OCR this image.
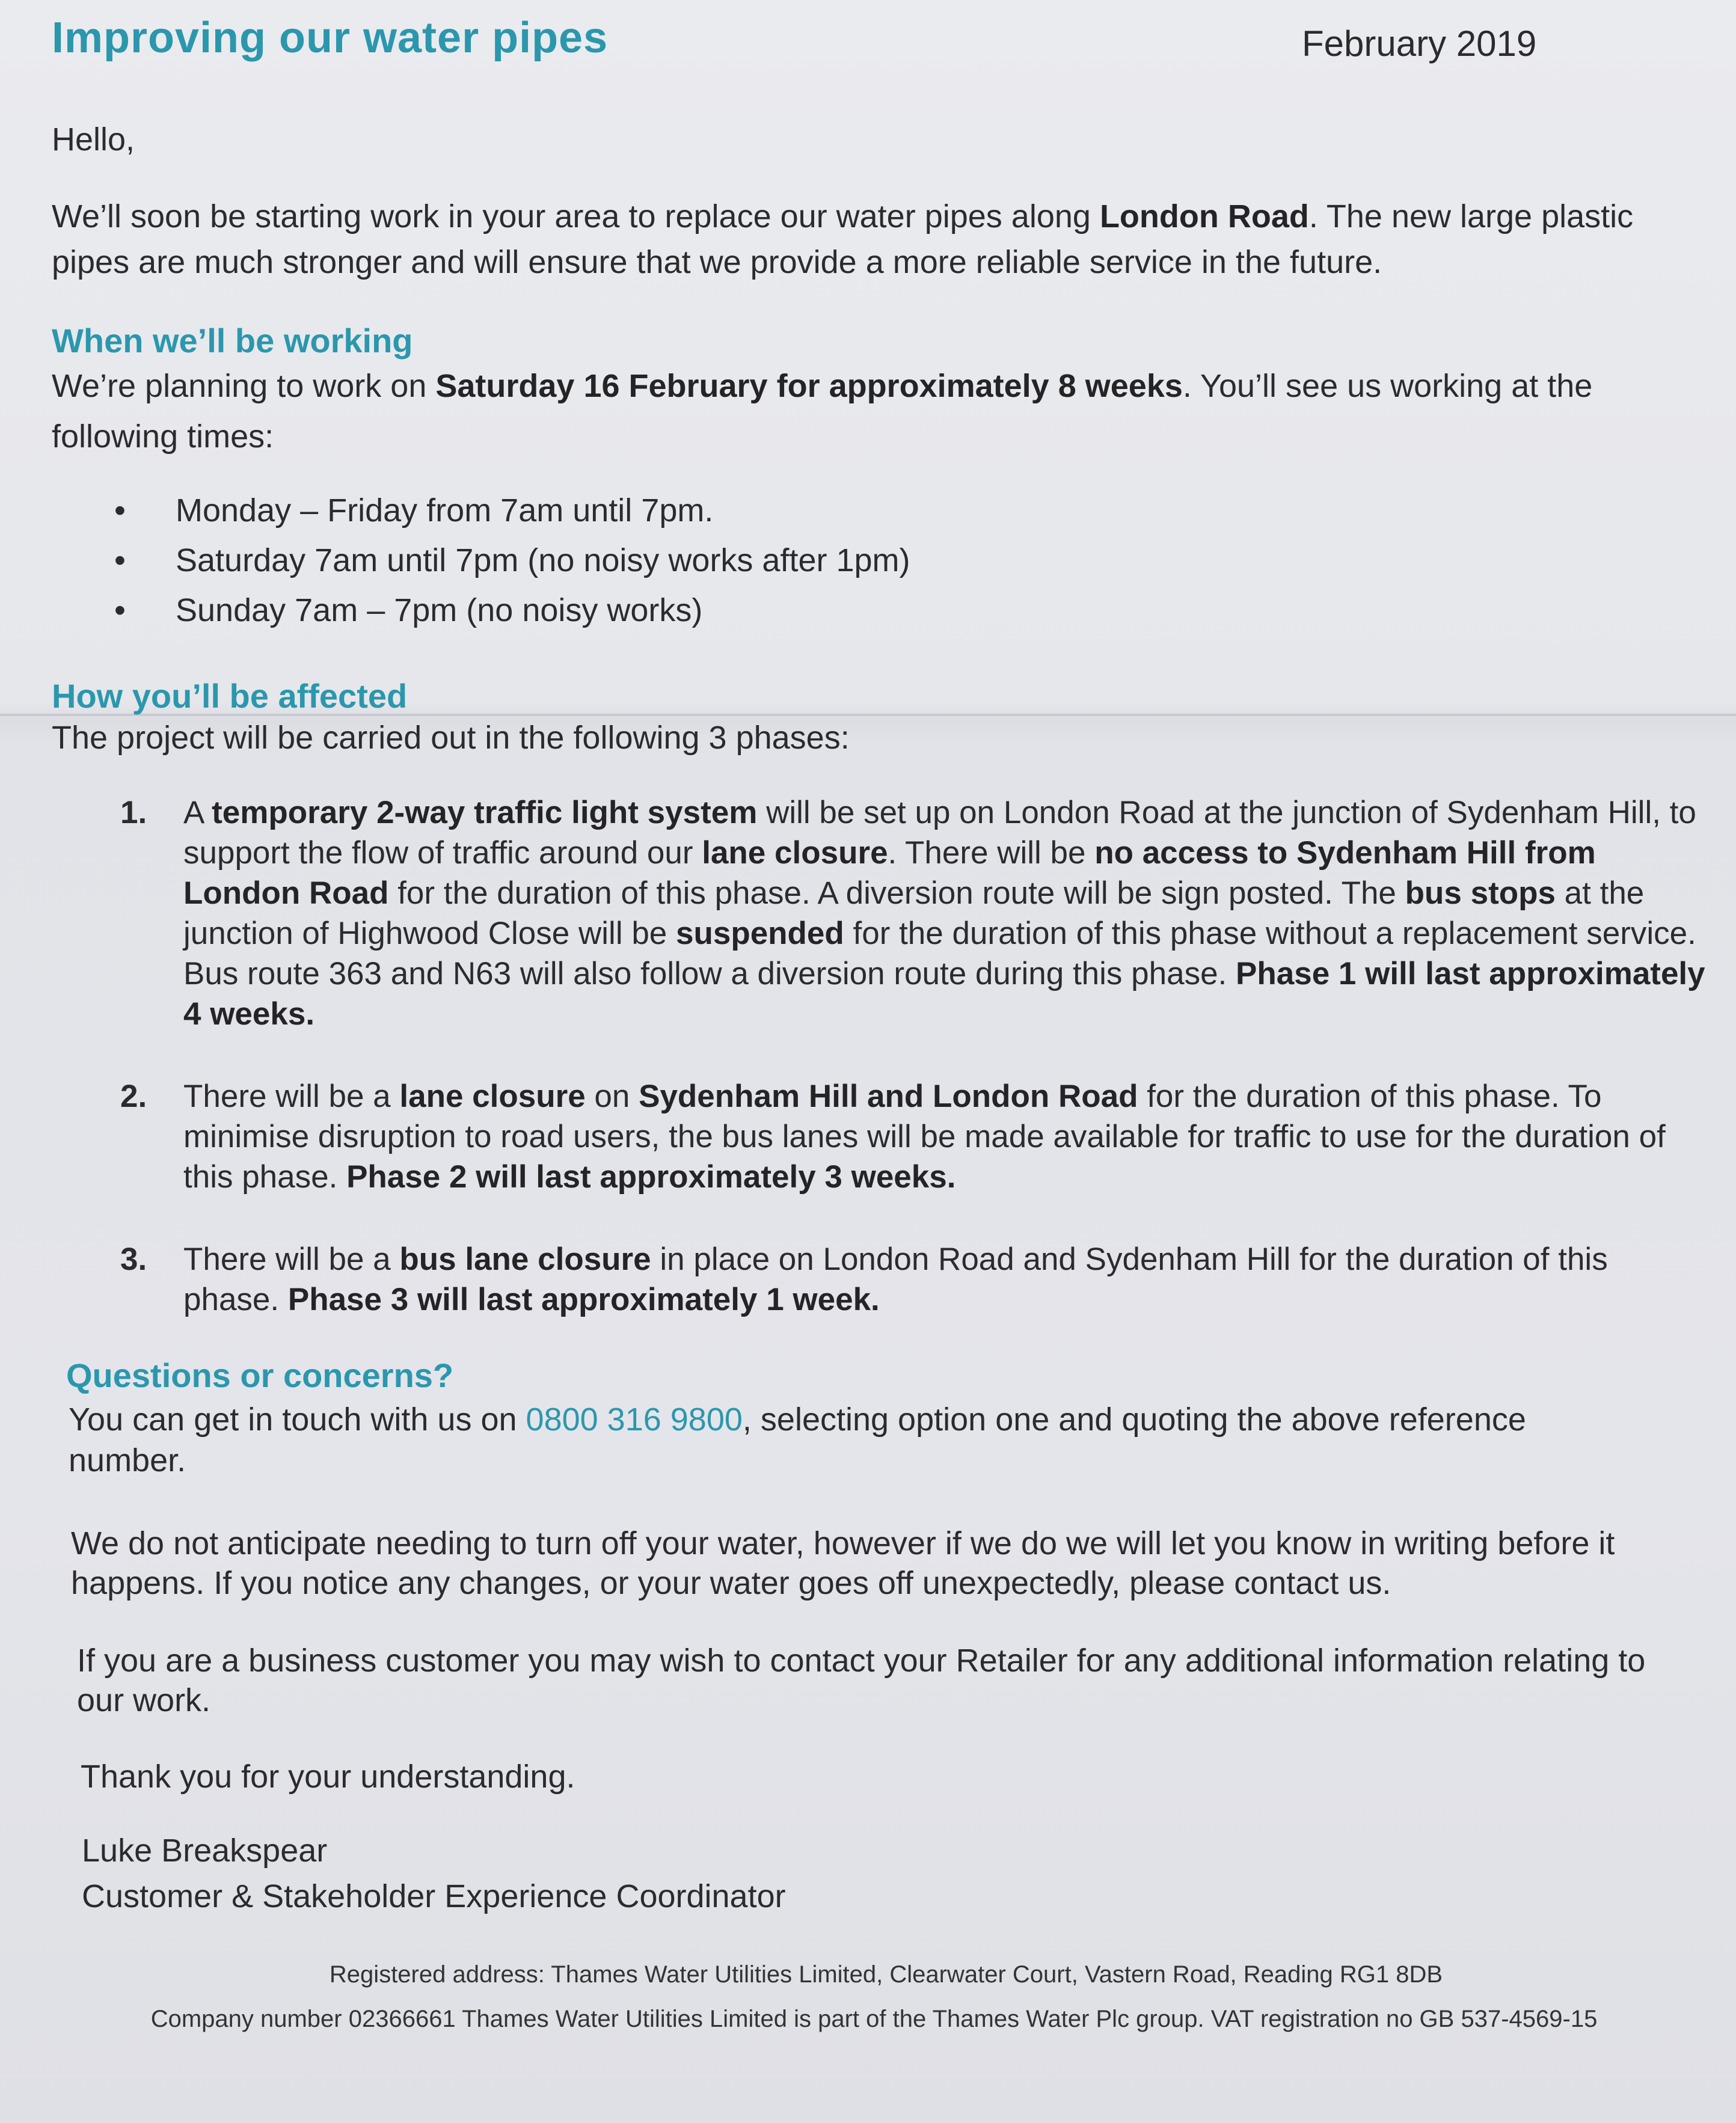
Improving our water pipes	February 2019
Hello,
We’ll soon be starting work in your area to replace our water pipes along London Road. The new large plastic pipes are much stronger and will ensure that we provide a more reliable service in the future.
When we’ll be working
We’re planning to work on Saturday 16 February for approximately 8 weeks. You’ll see us working at the following times:
• Monday – Friday from 7am until 7pm.
• Saturday 7am until 7pm (no noisy works after 1pm)
• Sunday 7am – 7pm (no noisy works)
How you’ll be affected
The project will be carried out in the following 3 phases:
1. A temporary 2-way traffic light system will be set up on London Road at the junction of Sydenham Hill, to support the flow of traffic around our lane closure. There will be no access to Sydenham Hill from London Road for the duration of this phase. A diversion route will be sign posted. The bus stops at the junction of Highwood Close will be suspended for the duration of this phase without a replacement service. Bus route 363 and N63 will also follow a diversion route during this phase. Phase 1 will last approximately 4 weeks.
2. There will be a lane closure on Sydenham Hill and London Road for the duration of this phase. To minimise disruption to road users, the bus lanes will be made available for traffic to use for the duration of this phase. Phase 2 will last approximately 3 weeks.
3. There will be a bus lane closure in place on London Road and Sydenham Hill for the duration of this phase. Phase 3 will last approximately 1 week.
Questions or concerns?
You can get in touch with us on 0800 316 9800, selecting option one and quoting the above reference number.
We do not anticipate needing to turn off your water, however if we do we will let you know in writing before it happens. If you notice any changes, or your water goes off unexpectedly, please contact us.
If you are a business customer you may wish to contact your Retailer for any additional information relating to our work.
Thank you for your understanding.
Luke Breakspear
Customer & Stakeholder Experience Coordinator
Registered address: Thames Water Utilities Limited, Clearwater Court, Vastern Road, Reading RG1 8DB
Company number 02366661 Thames Water Utilities Limited is part of the Thames Water Plc group. VAT registration no GB 537-4569-15
